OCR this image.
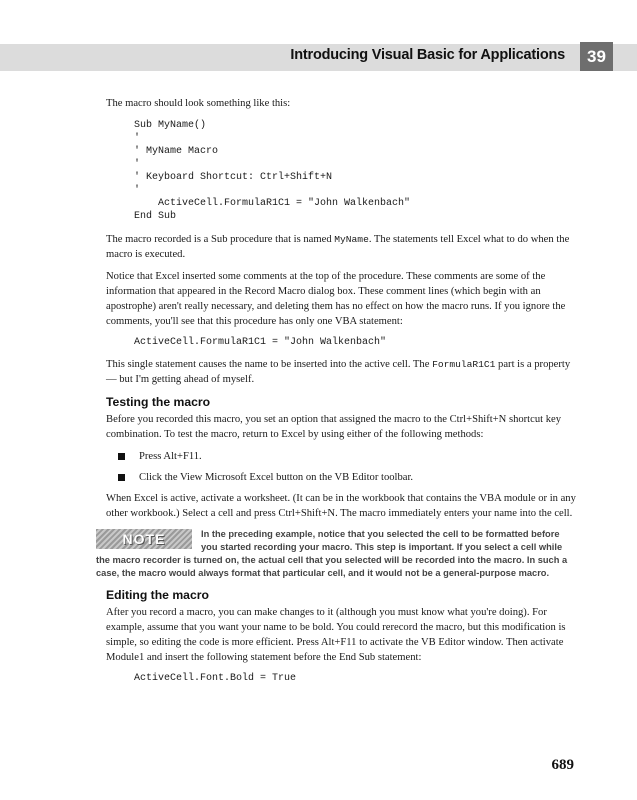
Introducing Visual Basic for Applications	39

The macro should look something like this:

Sub MyName()
'
' MyName Macro
'
' Keyboard Shortcut: Ctrl+Shift+N
'
ActiveCell.FormulaR1C1 = "John Walkenbach"
End Sub

The macro recorded is a Sub procedure that is named MyName. The statements tell Excel what to do when the macro is executed.

Notice that Excel inserted some comments at the top of the procedure. These comments are some of the information that appeared in the Record Macro dialog box. These comment lines (which begin with an apostrophe) aren't really necessary, and deleting them has no effect on how the macro runs. If you ignore the comments, you'll see that this procedure has only one VBA statement:

ActiveCell.FormulaR1C1 = "John Walkenbach"

This single statement causes the name to be inserted into the active cell. The FormulaR1C1 part is a property — but I'm getting ahead of myself.

Testing the macro

Before you recorded this macro, you set an option that assigned the macro to the Ctrl+Shift+N shortcut key combination. To test the macro, return to Excel by using either of the following methods:

Press Alt+F11.
Click the View Microsoft Excel button on the VB Editor toolbar.

When Excel is active, activate a worksheet. (It can be in the workbook that contains the VBA module or in any other workbook.) Select a cell and press Ctrl+Shift+N. The macro immediately enters your name into the cell.

NOTE	In the preceding example, notice that you selected the cell to be formatted before you started recording your macro. This step is important. If you select a cell while the macro recorder is turned on, the actual cell that you selected will be recorded into the macro. In such a case, the macro would always format that particular cell, and it would not be a general-purpose macro.
Editing the macro

After you record a macro, you can make changes to it (although you must know what you're doing). For example, assume that you want your name to be bold. You could rerecord the macro, but this modification is simple, so editing the code is more efficient. Press Alt+F11 to activate the VB Editor window. Then activate Module1 and insert the following statement before the End Sub statement:

ActiveCell.Font.Bold = True
689
